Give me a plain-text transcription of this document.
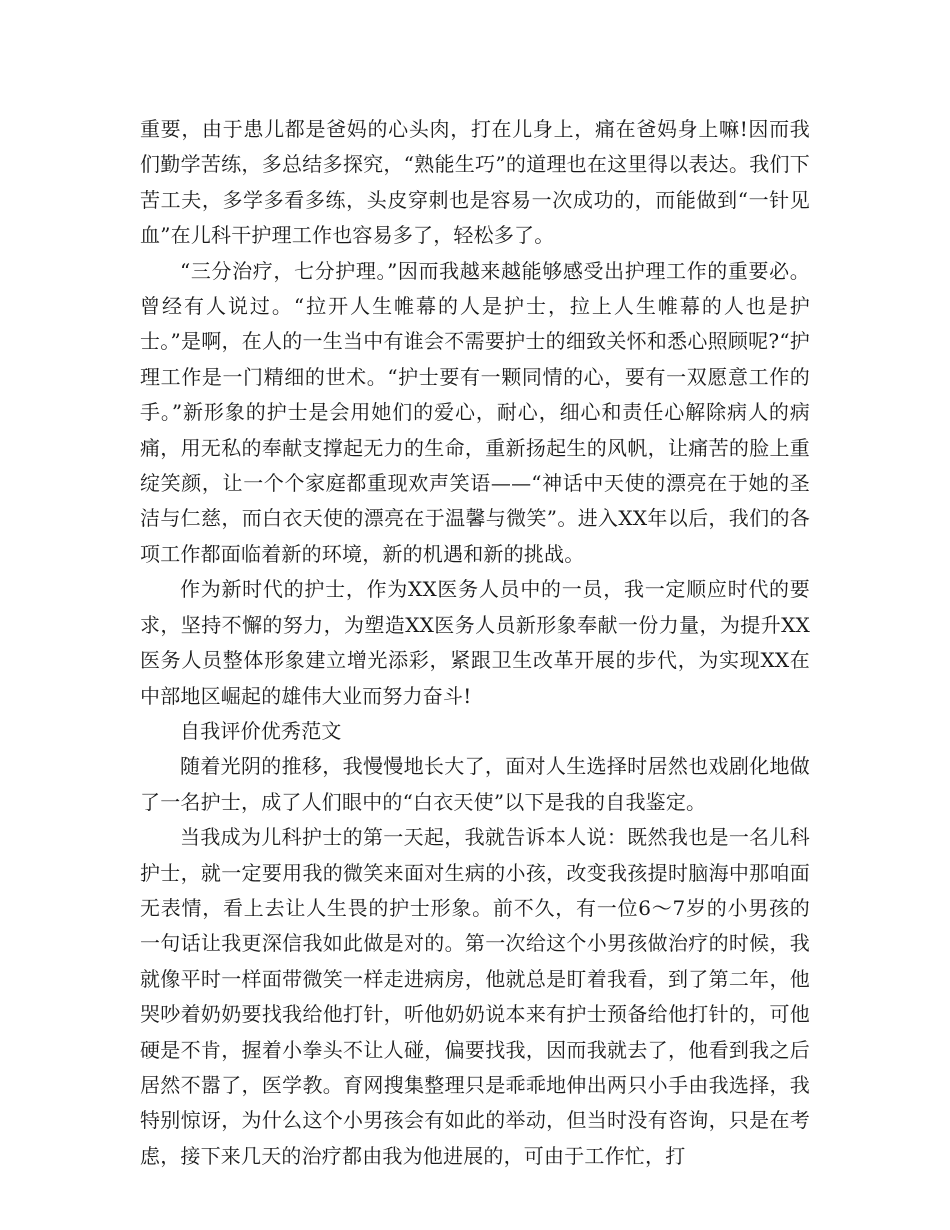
重要，由于患儿都是爸妈的心头肉，打在儿身上，痛在爸妈身上嘛!因而我们勤学苦练，多总结多探究，“熟能生巧”的道理也在这里得以表达。我们下苦工夫，多学多看多练，头皮穿刺也是容易一次成功的，而能做到“一针见血”在儿科干护理工作也容易多了，轻松多了。

“三分治疗，七分护理。”因而我越来越能够感受出护理工作的重要必。曾经有人说过。“拉开人生帷幕的人是护士，拉上人生帷幕的人也是护士。”是啊，在人的一生当中有谁会不需要护士的细致关怀和悉心照顾呢?“护理工作是一门精细的世术。“护士要有一颗同情的心，要有一双愿意工作的手。”新形象的护士是会用她们的爱心，耐心，细心和责任心解除病人的病痛，用无私的奉献支撑起无力的生命，重新扬起生的风帆，让痛苦的脸上重绽笑颜，让一个个家庭都重现欢声笑语——“神话中天使的漂亮在于她的圣洁与仁慈，而白衣天使的漂亮在于温馨与微笑”。进入XX年以后，我们的各项工作都面临着新的环境，新的机遇和新的挑战。

作为新时代的护士，作为XX医务人员中的一员，我一定顺应时代的要求，坚持不懈的努力，为塑造XX医务人员新形象奉献一份力量，为提升XX医务人员整体形象建立增光添彩，紧跟卫生改革开展的步代，为实现XX在中部地区崛起的雄伟大业而努力奋斗!

自我评价优秀范文

随着光阴的推移，我慢慢地长大了，面对人生选择时居然也戏剧化地做了一名护士，成了人们眼中的“白衣天使”以下是我的自我鉴定。

当我成为儿科护士的第一天起，我就告诉本人说：既然我也是一名儿科护士，就一定要用我的微笑来面对生病的小孩，改变我孩提时脑海中那咱面无表情，看上去让人生畏的护士形象。前不久，有一位6～7岁的小男孩的一句话让我更深信我如此做是对的。第一次给这个小男孩做治疗的时候，我就像平时一样面带微笑一样走进病房，他就总是盯着我看，到了第二年，他哭吵着奶奶要找我给他打针，听他奶奶说本来有护士预备给他打针的，可他硬是不肯，握着小拳头不让人碰，偏要找我，因而我就去了，他看到我之后居然不嚣了，医学教。育网搜集整理只是乖乖地伸出两只小手由我选择，我特别惊讶，为什么这个小男孩会有如此的举动，但当时没有咨询，只是在考虑，接下来几天的治疗都由我为他进展的，可由于工作忙，打
